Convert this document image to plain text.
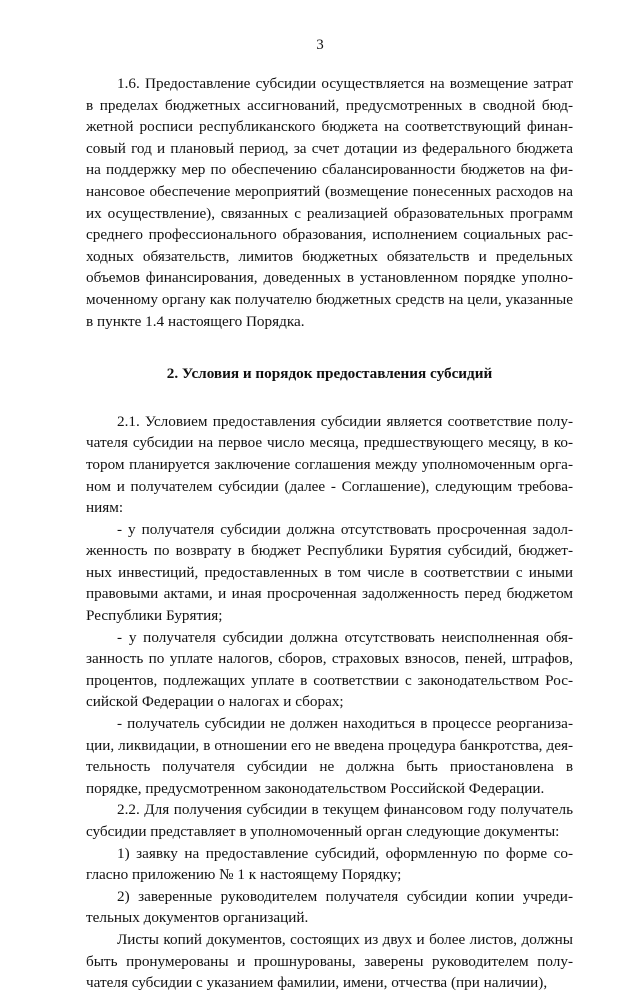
3

1.6. Предоставление субсидии осуществляется на возмещение затрат в пределах бюджетных ассигнований, предусмотренных в сводной бюджетной росписи республиканского бюджета на соответствующий финансовый год и плановый период, за счет дотации из федерального бюджета на поддержку мер по обеспечению сбалансированности бюджетов на финансовое обеспечение мероприятий (возмещение понесенных расходов на их осуществление), связанных с реализацией образовательных программ среднего профессионального образования, исполнением социальных расходных обязательств, лимитов бюджетных обязательств и предельных объемов финансирования, доведенных в установленном порядке уполномоченному органу как получателю бюджетных средств на цели, указанные в пункте 1.4 настоящего Порядка.

2. Условия и порядок предоставления субсидий

2.1. Условием предоставления субсидии является соответствие получателя субсидии на первое число месяца, предшествующего месяцу, в котором планируется заключение соглашения между уполномоченным органом и получателем субсидии (далее - Соглашение), следующим требованиям:

- у получателя субсидии должна отсутствовать просроченная задолженность по возврату в бюджет Республики Бурятия субсидий, бюджетных инвестиций, предоставленных в том числе в соответствии с иными правовыми актами, и иная просроченная задолженность перед бюджетом Республики Бурятия;

- у получателя субсидии должна отсутствовать неисполненная обязанность по уплате налогов, сборов, страховых взносов, пеней, штрафов, процентов, подлежащих уплате в соответствии с законодательством Российской Федерации о налогах и сборах;

- получатель субсидии не должен находиться в процессе реорганизации, ликвидации, в отношении его не введена процедура банкротства, деятельность получателя субсидии не должна быть приостановлена в порядке, предусмотренном законодательством Российской Федерации.

2.2. Для получения субсидии в текущем финансовом году получатель субсидии представляет в уполномоченный орган следующие документы:

1) заявку на предоставление субсидий, оформленную по форме согласно приложению № 1 к настоящему Порядку;

2) заверенные руководителем получателя субсидии копии учредительных документов организаций.

Листы копий документов, состоящих из двух и более листов, должны быть пронумерованы и прошнурованы, заверены руководителем получателя субсидии с указанием фамилии, имени, отчества (при наличии),
